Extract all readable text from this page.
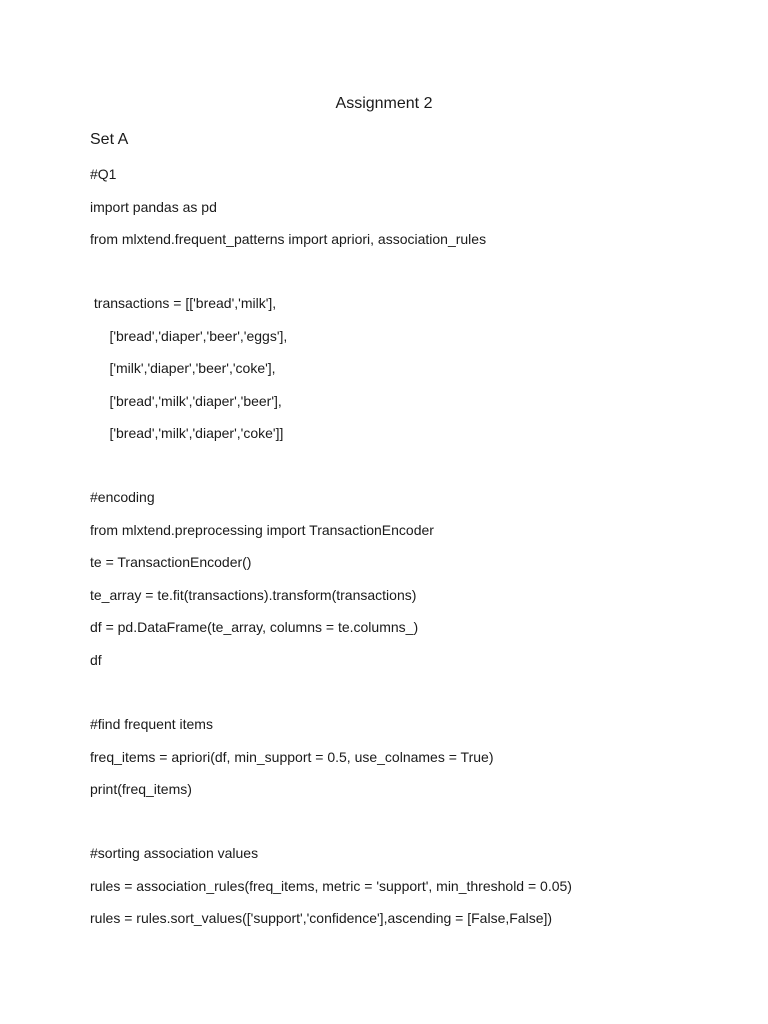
Assignment 2
Set A
#Q1
import pandas as pd
from mlxtend.frequent_patterns import apriori, association_rules
transactions = [['bread','milk'],
['bread','diaper','beer','eggs'],
['milk','diaper','beer','coke'],
['bread','milk','diaper','beer'],
['bread','milk','diaper','coke']]
#encoding
from mlxtend.preprocessing import TransactionEncoder
te = TransactionEncoder()
te_array = te.fit(transactions).transform(transactions)
df = pd.DataFrame(te_array, columns = te.columns_)
df
#find frequent items
freq_items = apriori(df, min_support = 0.5, use_colnames = True)
print(freq_items)
#sorting association values
rules = association_rules(freq_items, metric = 'support', min_threshold = 0.05)
rules = rules.sort_values(['support','confidence'],ascending = [False,False])
